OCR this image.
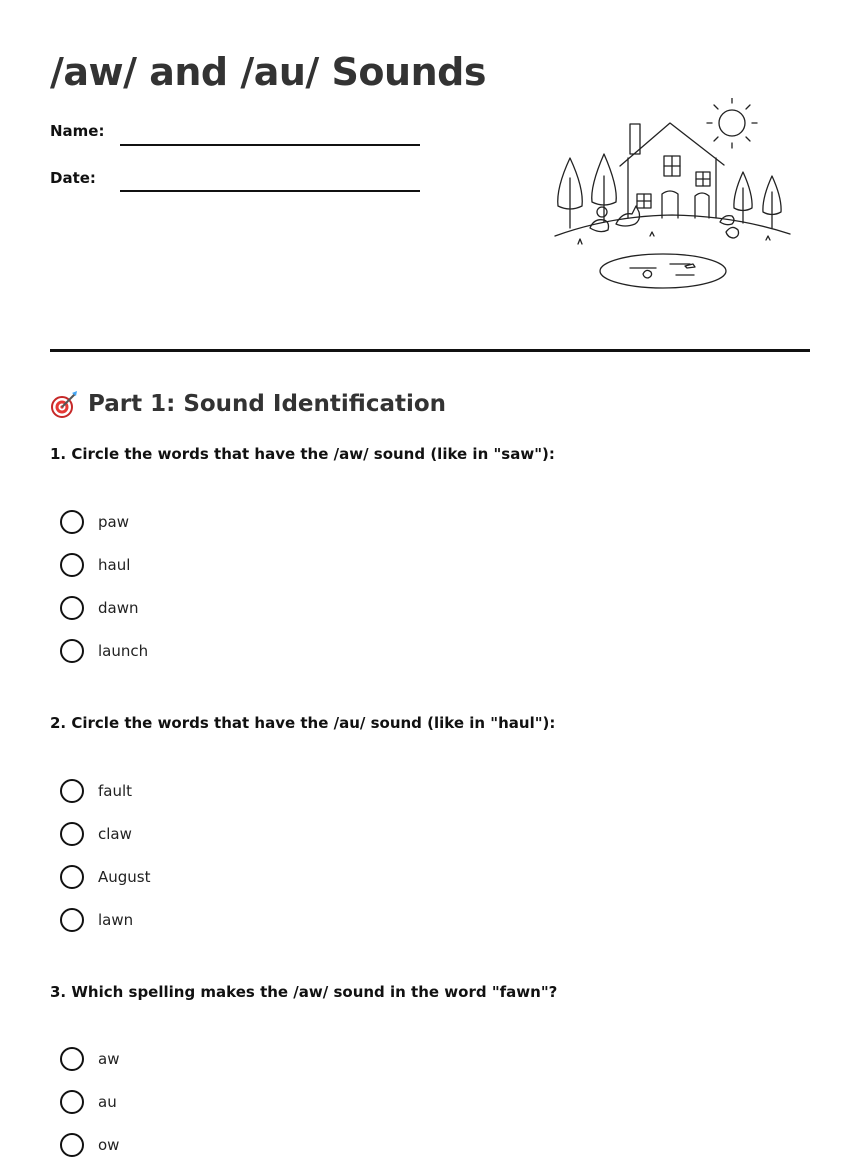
/aw/ and /au/ Sounds
Name:
Date:
Part 1: Sound Identification
1. Circle the words that have the /aw/ sound (like in "saw"):
paw
haul
dawn
launch
2. Circle the words that have the /au/ sound (like in "haul"):
fault
claw
August
lawn
3. Which spelling makes the /aw/ sound in the word "fawn"?
aw
au
ow
